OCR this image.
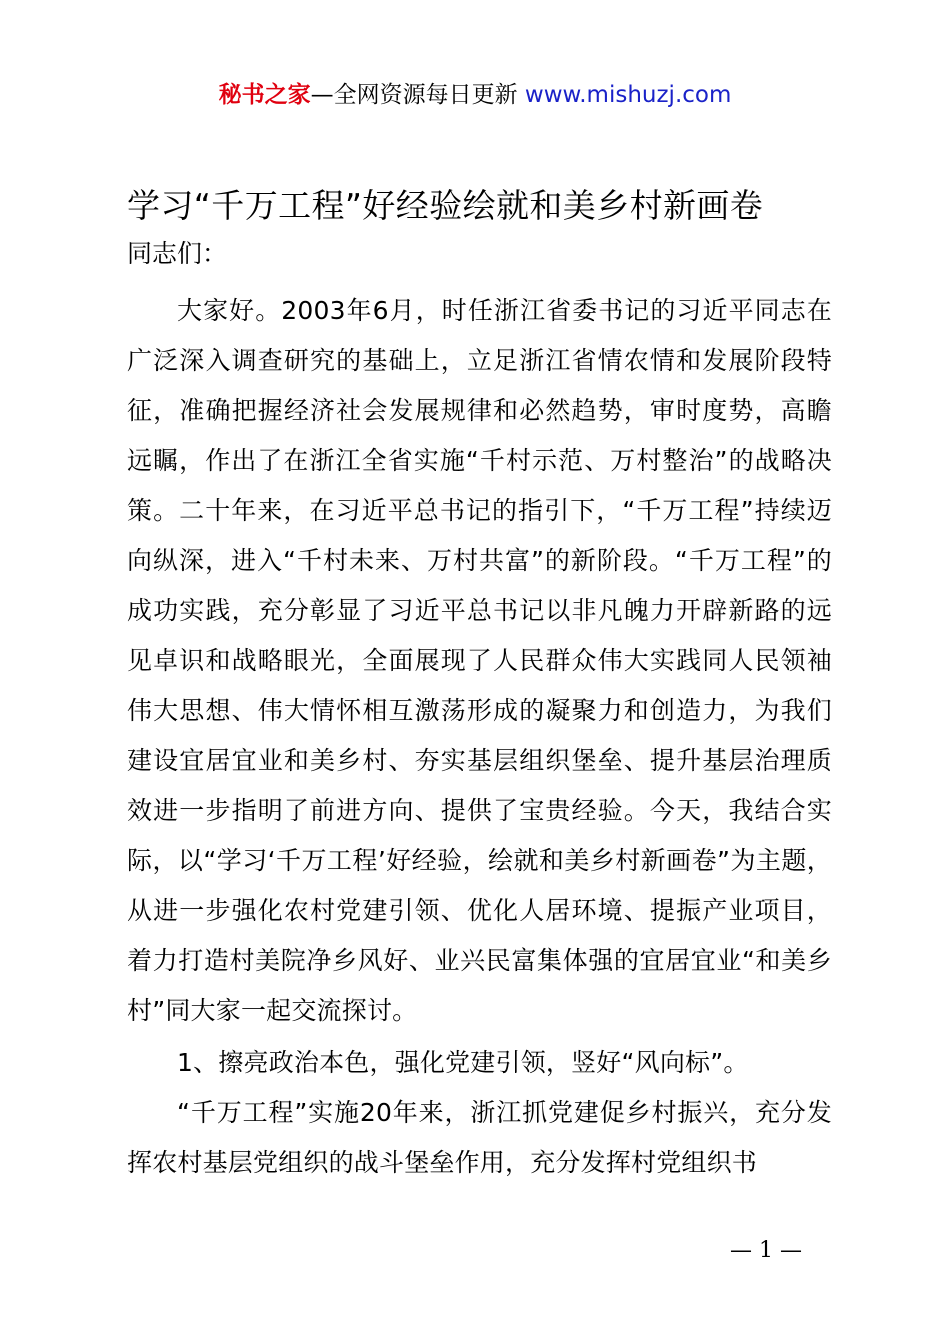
秘书之家—全网资源每日更新 www.mishuzj.com
学习“千万工程”好经验绘就和美乡村新画卷
同志们：

大家好。2003年6月，时任浙江省委书记的习近平同志在广泛深入调查研究的基础上，立足浙江省情农情和发展阶段特征，准确把握经济社会发展规律和必然趋势，审时度势，高瞻远瞩，作出了在浙江全省实施“千村示范、万村整治”的战略决策。二十年来，在习近平总书记的指引下，“千万工程”持续迈向纵深，进入“千村未来、万村共富”的新阶段。“千万工程”的成功实践，充分彰显了习近平总书记以非凡魄力开辟新路的远见卓识和战略眼光，全面展现了人民群众伟大实践同人民领袖伟大思想、伟大情怀相互激荡形成的凝聚力和创造力，为我们建设宜居宜业和美乡村、夯实基层组织堡垒、提升基层治理质效进一步指明了前进方向、提供了宝贵经验。今天，我结合实际，以“学习‘千万工程’好经验，绘就和美乡村新画卷”为主题，从进一步强化农村党建引领、优化人居环境、提振产业项目，着力打造村美院净乡风好、业兴民富集体强的宜居宜业“和美乡村”同大家一起交流探讨。

1、擦亮政治本色，强化党建引领，竖好“风向标”。

“千万工程”实施20年来，浙江抓党建促乡村振兴，充分发挥农村基层党组织的战斗堡垒作用，充分发挥村党组织书

— 1 —
